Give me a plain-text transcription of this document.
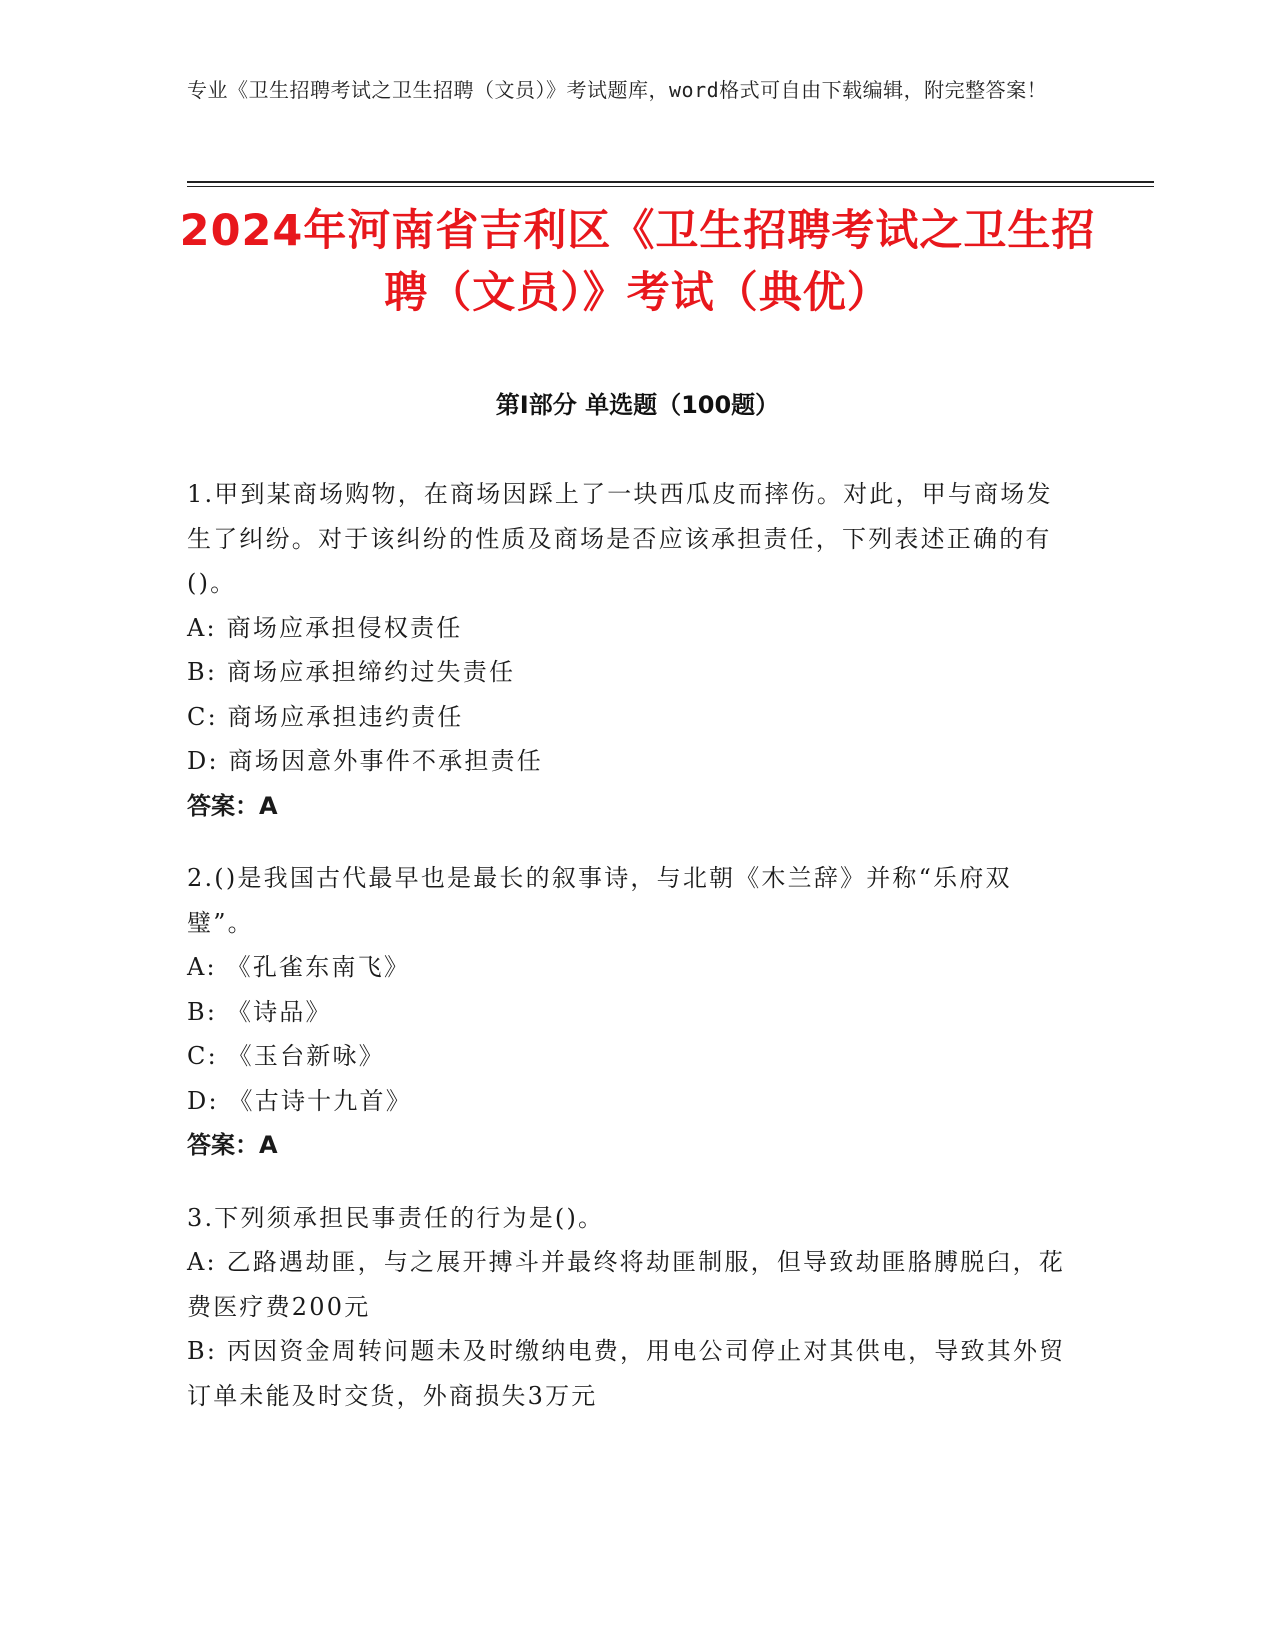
专业《卫生招聘考试之卫生招聘（文员）》考试题库，word格式可自由下载编辑，附完整答案！
2024年河南省吉利区《卫生招聘考试之卫生招聘（文员）》考试（典优）
第Ⅰ部分 单选题（100题）

1.甲到某商场购物，在商场因踩上了一块西瓜皮而摔伤。对此，甲与商场发生了纠纷。对于该纠纷的性质及商场是否应该承担责任，下列表述正确的有()。

A: 商场应承担侵权责任

B: 商场应承担缔约过失责任

C: 商场应承担违约责任

D: 商场因意外事件不承担责任

答案：A

2.()是我国古代最早也是最长的叙事诗，与北朝《木兰辞》并称“乐府双璧”。

A: 《孔雀东南飞》

B: 《诗品》

C: 《玉台新咏》

D: 《古诗十九首》

答案：A

3.下列须承担民事责任的行为是()。

A: 乙路遇劫匪，与之展开搏斗并最终将劫匪制服，但导致劫匪胳膊脱臼，花费医疗费200元

B: 丙因资金周转问题未及时缴纳电费，用电公司停止对其供电，导致其外贸订单未能及时交货，外商损失3万元
